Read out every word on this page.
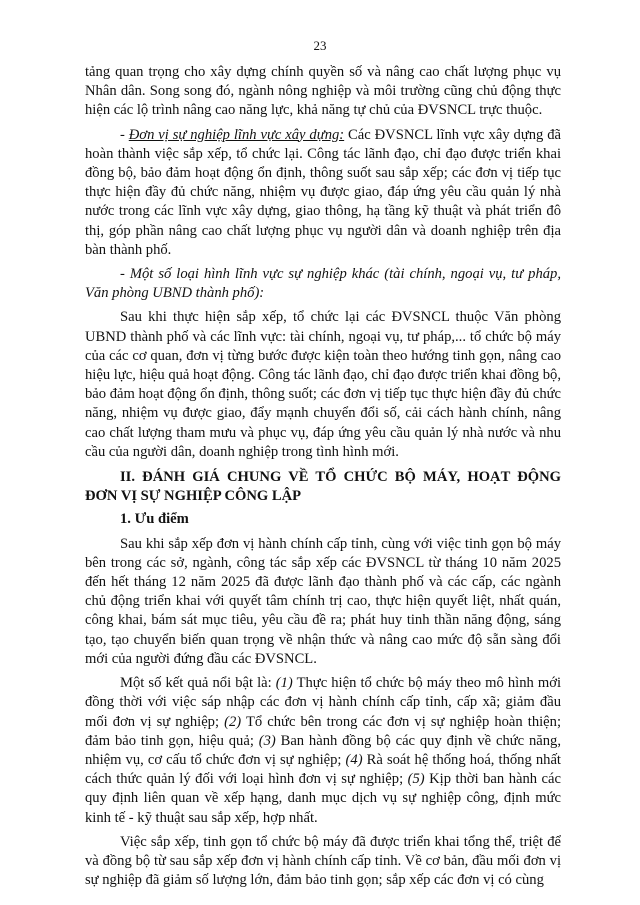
23

tảng quan trọng cho xây dựng chính quyền số và nâng cao chất lượng phục vụ Nhân dân. Song song đó, ngành nông nghiệp và môi trường cũng chủ động thực hiện các lộ trình nâng cao năng lực, khả năng tự chủ của ĐVSNCL trực thuộc.

- Đơn vị sự nghiệp lĩnh vực xây dựng: Các ĐVSNCL lĩnh vực xây dựng đã hoàn thành việc sắp xếp, tổ chức lại. Công tác lãnh đạo, chỉ đạo được triển khai đồng bộ, bảo đảm hoạt động ổn định, thông suốt sau sắp xếp; các đơn vị tiếp tục thực hiện đầy đủ chức năng, nhiệm vụ được giao, đáp ứng yêu cầu quản lý nhà nước trong các lĩnh vực xây dựng, giao thông, hạ tầng kỹ thuật và phát triển đô thị, góp phần nâng cao chất lượng phục vụ người dân và doanh nghiệp trên địa bàn thành phố.

- Một số loại hình lĩnh vực sự nghiệp khác (tài chính, ngoại vụ, tư pháp, Văn phòng UBND thành phố):

Sau khi thực hiện sắp xếp, tổ chức lại các ĐVSNCL thuộc Văn phòng UBND thành phố và các lĩnh vực: tài chính, ngoại vụ, tư pháp,... tổ chức bộ máy của các cơ quan, đơn vị từng bước được kiện toàn theo hướng tinh gọn, nâng cao hiệu lực, hiệu quả hoạt động. Công tác lãnh đạo, chỉ đạo được triển khai đồng bộ, bảo đảm hoạt động ổn định, thông suốt; các đơn vị tiếp tục thực hiện đầy đủ chức năng, nhiệm vụ được giao, đẩy mạnh chuyển đổi số, cải cách hành chính, nâng cao chất lượng tham mưu và phục vụ, đáp ứng yêu cầu quản lý nhà nước và nhu cầu của người dân, doanh nghiệp trong tình hình mới.

II. ĐÁNH GIÁ CHUNG VỀ TỔ CHỨC BỘ MÁY, HOẠT ĐỘNG ĐƠN VỊ SỰ NGHIỆP CÔNG LẬP
1. Ưu điểm

Sau khi sắp xếp đơn vị hành chính cấp tỉnh, cùng với việc tinh gọn bộ máy bên trong các sở, ngành, công tác sắp xếp các ĐVSNCL từ tháng 10 năm 2025 đến hết tháng 12 năm 2025 đã được lãnh đạo thành phố và các cấp, các ngành chủ động triển khai với quyết tâm chính trị cao, thực hiện quyết liệt, nhất quán, công khai, bám sát mục tiêu, yêu cầu đề ra; phát huy tinh thần năng động, sáng tạo, tạo chuyển biến quan trọng về nhận thức và nâng cao mức độ sẵn sàng đổi mới của người đứng đầu các ĐVSNCL.

Một số kết quả nổi bật là: (1) Thực hiện tổ chức bộ máy theo mô hình mới đồng thời với việc sáp nhập các đơn vị hành chính cấp tỉnh, cấp xã; giảm đầu mối đơn vị sự nghiệp; (2) Tổ chức bên trong các đơn vị sự nghiệp hoàn thiện; đảm bảo tinh gọn, hiệu quả; (3) Ban hành đồng bộ các quy định về chức năng, nhiệm vụ, cơ cấu tổ chức đơn vị sự nghiệp; (4) Rà soát hệ thống hoá, thống nhất cách thức quản lý đối với loại hình đơn vị sự nghiệp; (5) Kịp thời ban hành các quy định liên quan về xếp hạng, danh mục dịch vụ sự nghiệp công, định mức kinh tế - kỹ thuật sau sắp xếp, hợp nhất.

Việc sắp xếp, tinh gọn tổ chức bộ máy đã được triển khai tổng thể, triệt để và đồng bộ từ sau sắp xếp đơn vị hành chính cấp tỉnh. Về cơ bản, đầu mối đơn vị sự nghiệp đã giảm số lượng lớn, đảm bảo tinh gọn; sắp xếp các đơn vị có cùng
